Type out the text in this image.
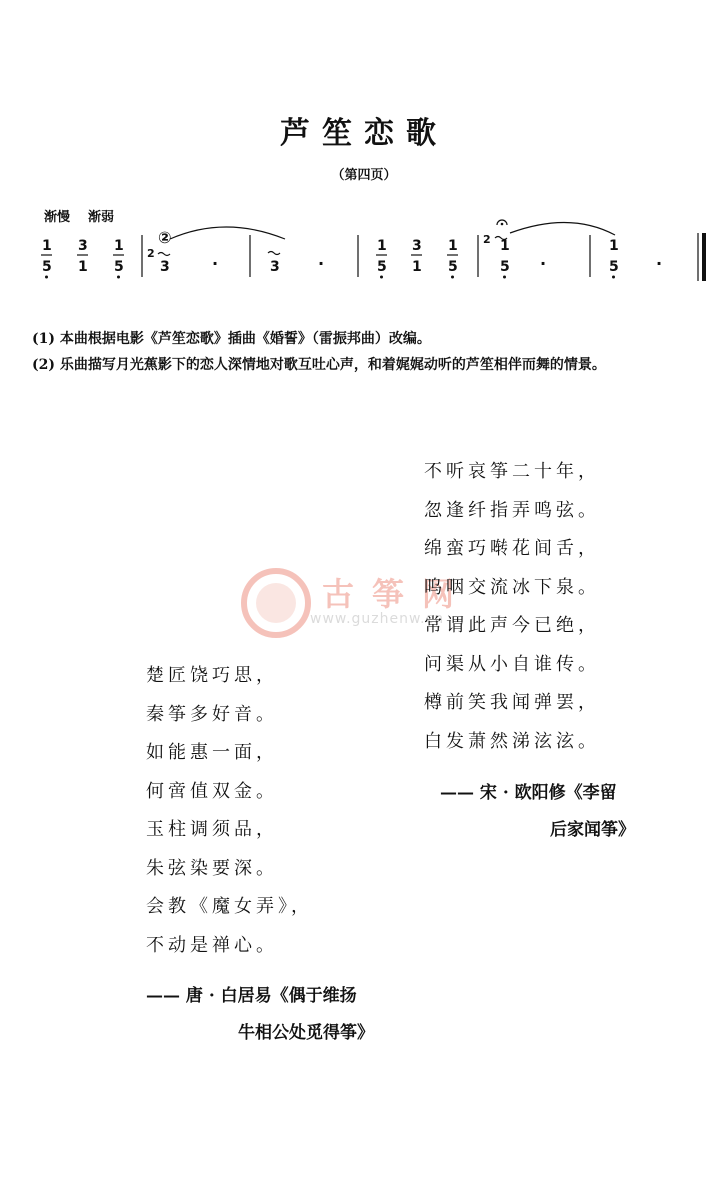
芦笙恋歌
（第四页）
渐慢 渐弱
1
5
3
1
1
5
2
②
3	·	3 ·
1
5
3
1
1
5
2 1
5 ·
1
5 ·

(1) 本曲根据电影《芦笙恋歌》插曲《婚誓》（雷振邦曲）改编。

(2) 乐曲描写月光蕉影下的恋人深情地对歌互吐心声，和着娓娓动听的芦笙相伴而舞的情景。

古筝网
www.guzhenw.cn
不听哀筝二十年，
忽逢纤指弄鸣弦。
绵蛮巧啭花间舌，
呜咽交流冰下泉。
常谓此声今已绝，
问渠从小自谁传。
樽前笑我闻弹罢，
白发萧然涕泫泫。
—— 宋 · 欧阳修《李留
后家闻筝》
楚匠饶巧思，
秦筝多好音。
如能惠一面，
何啻值双金。
玉柱调须品，
朱弦染要深。
会教《魔女弄》，
不动是禅心。
—— 唐 · 白居易《偶于维扬
牛相公处觅得筝》
